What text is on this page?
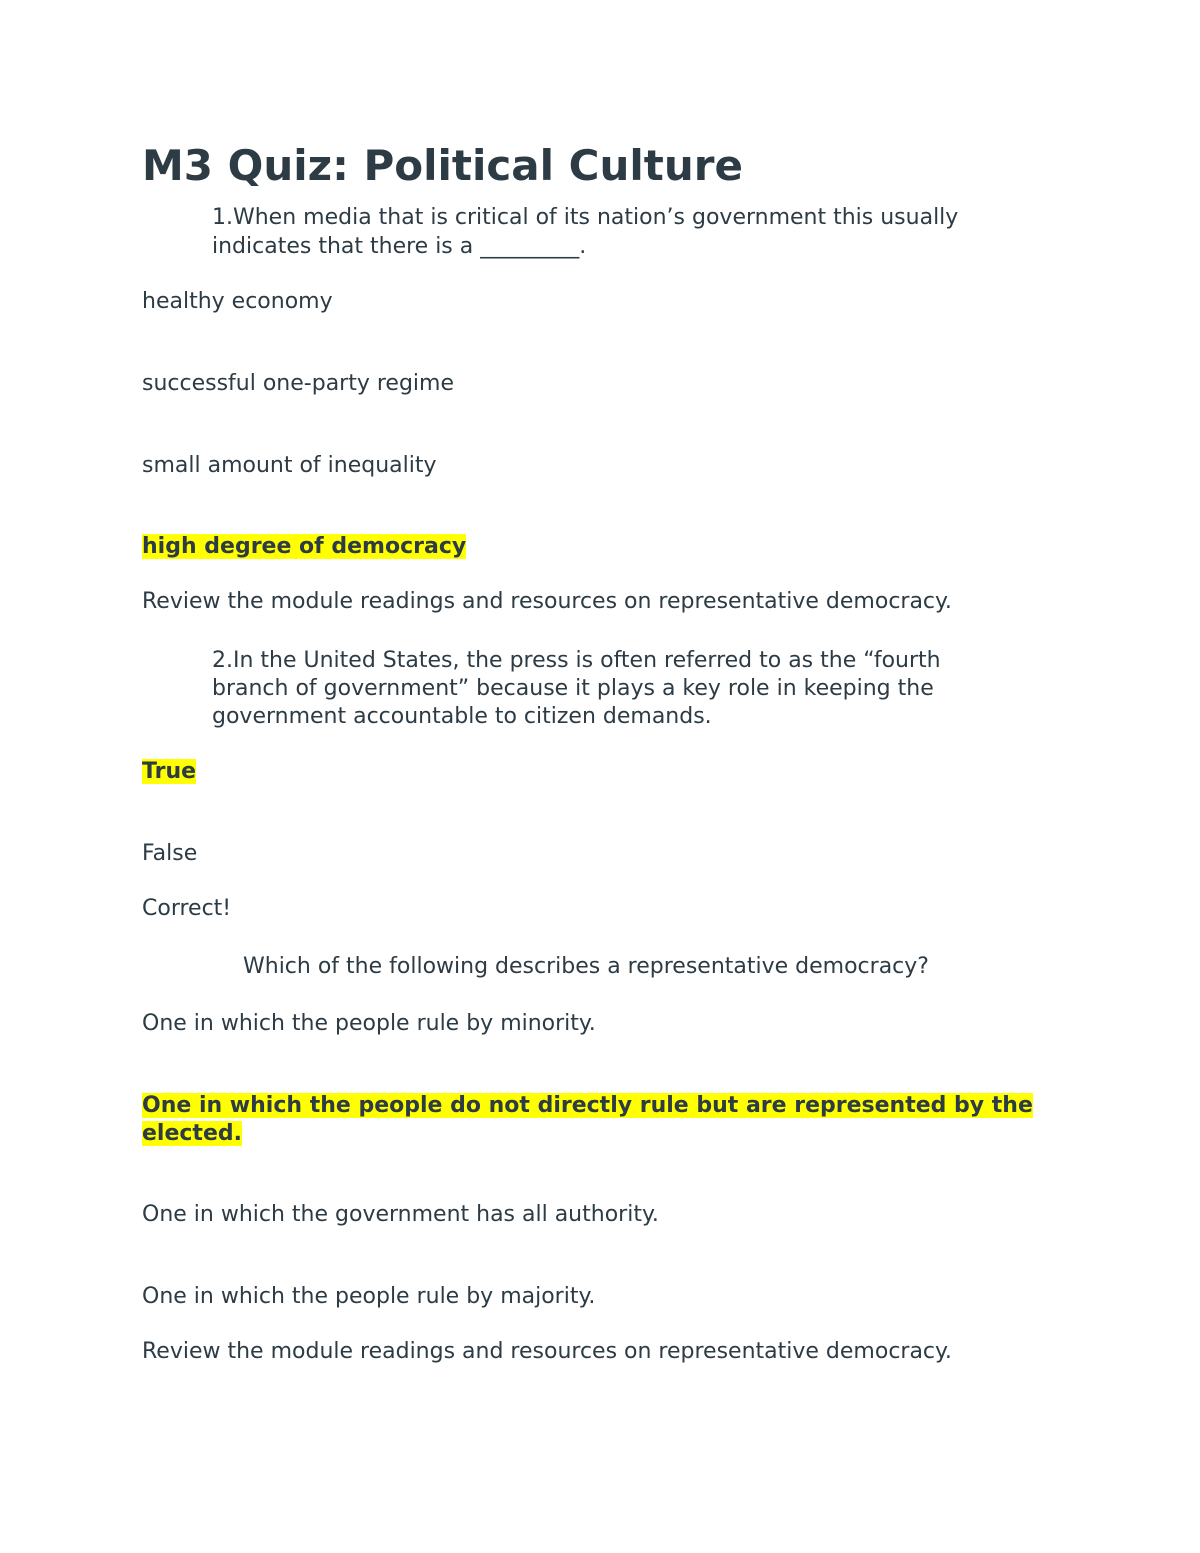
M3 Quiz: Political Culture

1.When media that is critical of its nation’s government this usually indicates that there is a _________.

healthy economy

successful one-party regime

small amount of inequality

high degree of democracy

Review the module readings and resources on representative democracy.

2.In the United States, the press is often referred to as the “fourth branch of government” because it plays a key role in keeping the government accountable to citizen demands.

True

False

Correct!

Which of the following describes a representative democracy?

One in which the people rule by minority.

One in which the people do not directly rule but are represented by the elected.

One in which the government has all authority.

One in which the people rule by majority.

Review the module readings and resources on representative democracy.
